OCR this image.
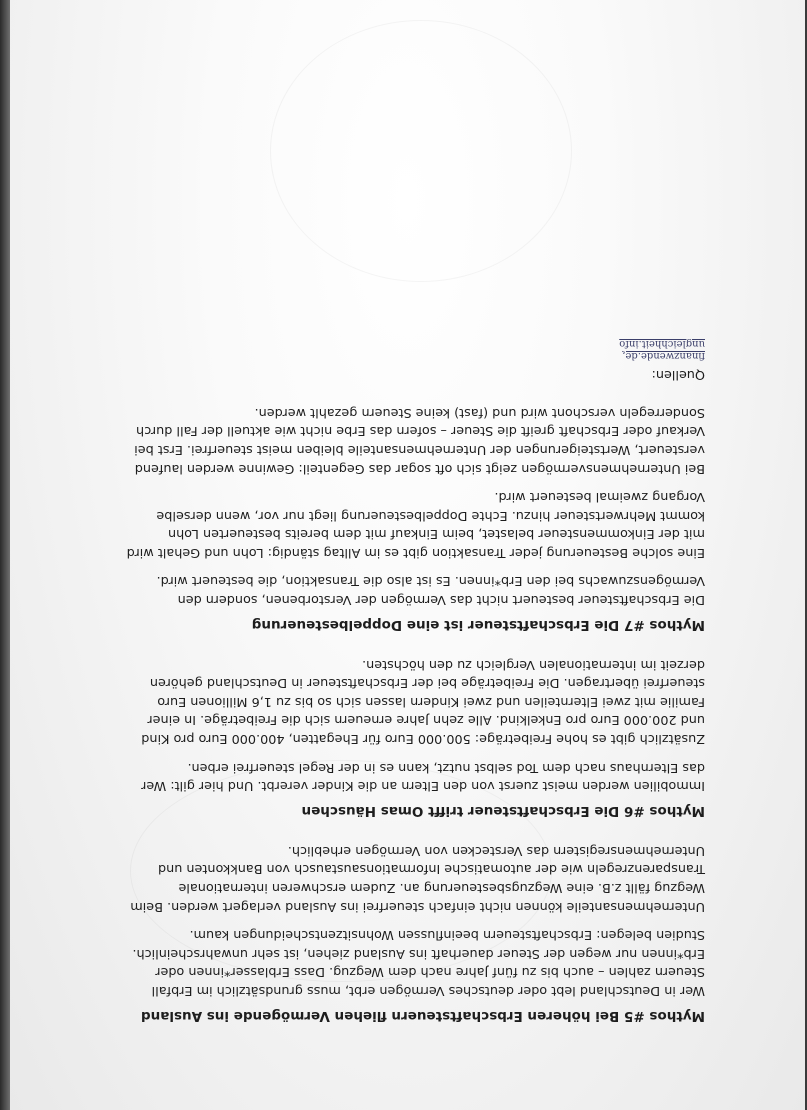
Mythos #5 Bei höheren Erbschaftsteuern fliehen Vermögende ins Ausland

Wer in Deutschland lebt oder deutsches Vermögen erbt, muss grundsätzlich im Erbfall
Steuern zahlen – auch bis zu fünf Jahre nach dem Wegzug. Dass Erblasser*innen oder
Erb*innen nur wegen der Steuer dauerhaft ins Ausland ziehen, ist sehr unwahrscheinlich.
Studien belegen: Erbschaftsteuern beeinflussen Wohnsitzentscheidungen kaum.

Unternehmensanteile können nicht einfach steuerfrei ins Ausland verlagert werden. Beim
Wegzug fällt z.B. eine Wegzugsbesteuerung an. Zudem erschweren internationale
Transparenzregeln wie der automatische Informationsaustausch von Bankkonten und
Unternehmensregistern das Verstecken von Vermögen erheblich.

Mythos #6 Die Erbschaftsteuer trifft Omas Häuschen

Immobilien werden meist zuerst von den Eltern an die Kinder vererbt. Und hier gilt: Wer
das Elternhaus nach dem Tod selbst nutzt, kann es in der Regel steuerfrei erben.

Zusätzlich gibt es hohe Freibeträge: 500.000 Euro für Ehegatten, 400.000 Euro pro Kind
und 200.000 Euro pro Enkelkind. Alle zehn Jahre erneuern sich die Freibeträge. In einer
Familie mit zwei Elternteilen und zwei Kindern lassen sich so bis zu 1,6 Millionen Euro
steuerfrei übertragen. Die Freibeträge bei der Erbschaftsteuer in Deutschland gehören
derzeit im internationalen Vergleich zu den höchsten.

Mythos #7 Die Erbschaftsteuer ist eine Doppelbesteuerung

Die Erbschaftsteuer besteuert nicht das Vermögen der Verstorbenen, sondern den
Vermögenszuwachs bei den Erb*innen. Es ist also die Transaktion, die besteuert wird.

Eine solche Besteuerung jeder Transaktion gibt es im Alltag ständig: Lohn und Gehalt wird
mit der Einkommensteuer belastet, beim Einkauf mit dem bereits besteuerten Lohn
kommt Mehrwertsteuer hinzu. Echte Doppelbesteuerung liegt nur vor, wenn derselbe
Vorgang zweimal besteuert wird.

Bei Unternehmensvermögen zeigt sich oft sogar das Gegenteil: Gewinne werden laufend
versteuert, Wertsteigerungen der Unternehmensanteile bleiben meist steuerfrei. Erst bei
Verkauf oder Erbschaft greift die Steuer – sofern das Erbe nicht wie aktuell der Fall durch
Sonderregeln verschont wird und (fast) keine Steuern gezahlt werden.

Quellen:
finanzwende.de,
ungleichheit.info
